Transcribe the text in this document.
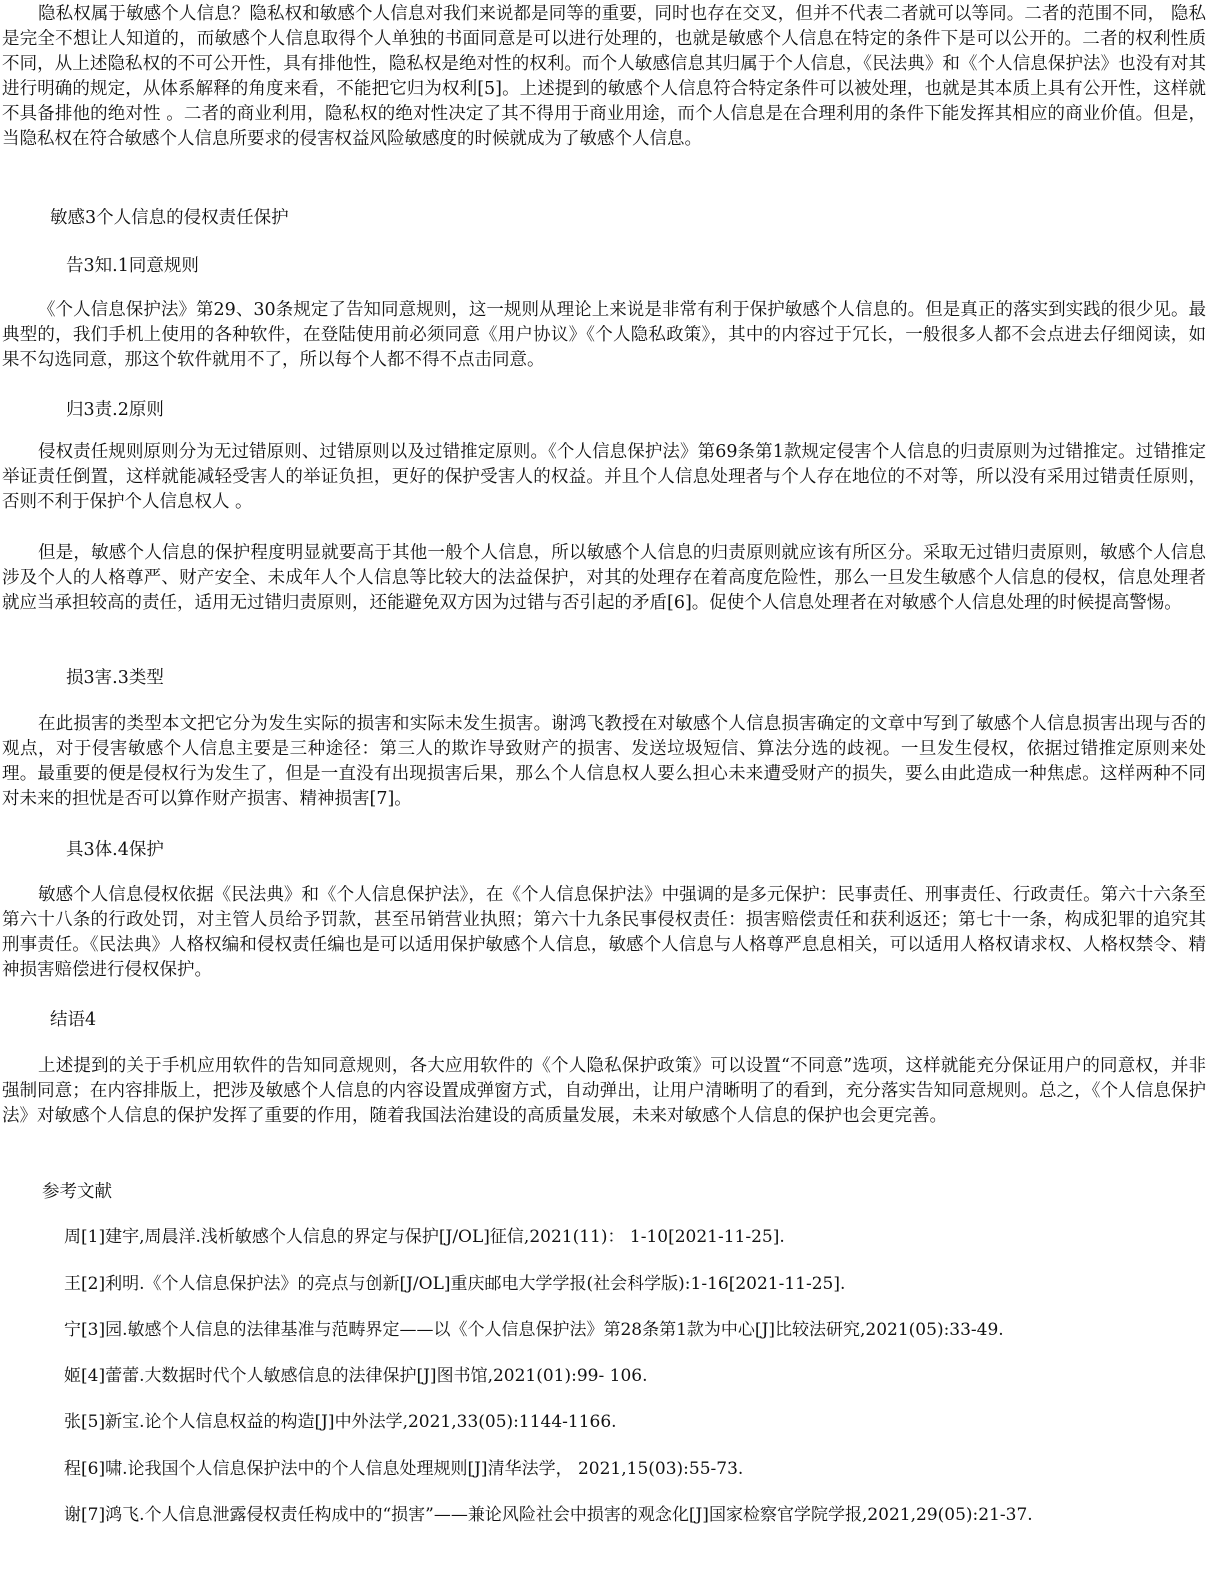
隐私权属于敏感个人信息？隐私权和敏感个人信息对我们来说都是同等的重要，同时也存在交叉，但并不代表二者就可以等同。二者的范围不同， 隐私是完全不想让人知道的，而敏感个人信息取得个人单独的书面同意是可以进行处理的，也就是敏感个人信息在特定的条件下是可以公开的。二者的权利性质不同，从上述隐私权的不可公开性，具有排他性，隐私权是绝对性的权利。而个人敏感信息其归属于个人信息，《民法典》和《个人信息保护法》也没有对其进行明确的规定，从体系解释的角度来看，不能把它归为权利[5]。上述提到的敏感个人信息符合特定条件可以被处理，也就是其本质上具有公开性，这样就不具备排他的绝对性 。二者的商业利用，隐私权的绝对性决定了其不得用于商业用途，而个人信息是在合理利用的条件下能发挥其相应的商业价值。但是，当隐私权在符合敏感个人信息所要求的侵害权益风险敏感度的时候就成为了敏感个人信息。

敏感3个人信息的侵权责任保护
告3知.1同意规则

《个人信息保护法》第29、30条规定了告知同意规则，这一规则从理论上来说是非常有利于保护敏感个人信息的。但是真正的落实到实践的很少见。最典型的，我们手机上使用的各种软件，在登陆使用前必须同意《用户协议》《个人隐私政策》，其中的内容过于冗长，一般很多人都不会点进去仔细阅读，如果不勾选同意，那这个软件就用不了，所以每个人都不得不点击同意。

归3责.2原则

侵权责任规则原则分为无过错原则、过错原则以及过错推定原则。《个人信息保护法》第69条第1款规定侵害个人信息的归责原则为过错推定。过错推定举证责任倒置，这样就能减轻受害人的举证负担，更好的保护受害人的权益。并且个人信息处理者与个人存在地位的不对等，所以没有采用过错责任原则，否则不利于保护个人信息权人 。

但是，敏感个人信息的保护程度明显就要高于其他一般个人信息，所以敏感个人信息的归责原则就应该有所区分。采取无过错归责原则，敏感个人信息涉及个人的人格尊严、财产安全、未成年人个人信息等比较大的法益保护，对其的处理存在着高度危险性，那么一旦发生敏感个人信息的侵权，信息处理者就应当承担较高的责任，适用无过错归责原则，还能避免双方因为过错与否引起的矛盾[6]。促使个人信息处理者在对敏感个人信息处理的时候提高警惕。

损3害.3类型

在此损害的类型本文把它分为发生实际的损害和实际未发生损害。谢鸿飞教授在对敏感个人信息损害确定的文章中写到了敏感个人信息损害出现与否的观点，对于侵害敏感个人信息主要是三种途径：第三人的欺诈导致财产的损害、发送垃圾短信、算法分选的歧视。一旦发生侵权，依据过错推定原则来处理。最重要的便是侵权行为发生了，但是一直没有出现损害后果，那么个人信息权人要么担心未来遭受财产的损失，要么由此造成一种焦虑。这样两种不同对未来的担忧是否可以算作财产损害、精神损害[7]。

具3体.4保护

敏感个人信息侵权依据《民法典》和《个人信息保护法》，在《个人信息保护法》中强调的是多元保护：民事责任、刑事责任、行政责任。第六十六条至第六十八条的行政处罚，对主管人员给予罚款，甚至吊销营业执照；第六十九条民事侵权责任：损害赔偿责任和获利返还；第七十一条，构成犯罪的追究其刑事责任。《民法典》人格权编和侵权责任编也是可以适用保护敏感个人信息，敏感个人信息与人格尊严息息相关，可以适用人格权请求权、人格权禁令、精神损害赔偿进行侵权保护。

结语4

上述提到的关于手机应用软件的告知同意规则，各大应用软件的《个人隐私保护政策》可以设置“不同意”选项，这样就能充分保证用户的同意权，并非强制同意；在内容排版上，把涉及敏感个人信息的内容设置成弹窗方式，自动弹出，让用户清晰明了的看到，充分落实告知同意规则。总之，《个人信息保护法》对敏感个人信息的保护发挥了重要的作用，随着我国法治建设的高质量发展，未来对敏感个人信息的保护也会更完善。

参考文献
周[1]建宇,周晨洋.浅析敏感个人信息的界定与保护[J/OL]征信,2021(11)： 1-10[2021-11-25].
王[2]利明.《个人信息保护法》的亮点与创新[J/OL]重庆邮电大学学报(社会科学版):1-16[2021-11-25].
宁[3]园.敏感个人信息的法律基准与范畴界定——以《个人信息保护法》第28条第1款为中心[J]比较法研究,2021(05):33-49.
姬[4]蕾蕾.大数据时代个人敏感信息的法律保护[J]图书馆,2021(01):99- 106.
张[5]新宝.论个人信息权益的构造[J]中外法学,2021,33(05):1144-1166.
程[6]啸.论我国个人信息保护法中的个人信息处理规则[J]清华法学， 2021,15(03):55-73.
谢[7]鸿飞.个人信息泄露侵权责任构成中的“损害”——兼论风险社会中损害的观念化[J]国家检察官学院学报,2021,29(05):21-37.
